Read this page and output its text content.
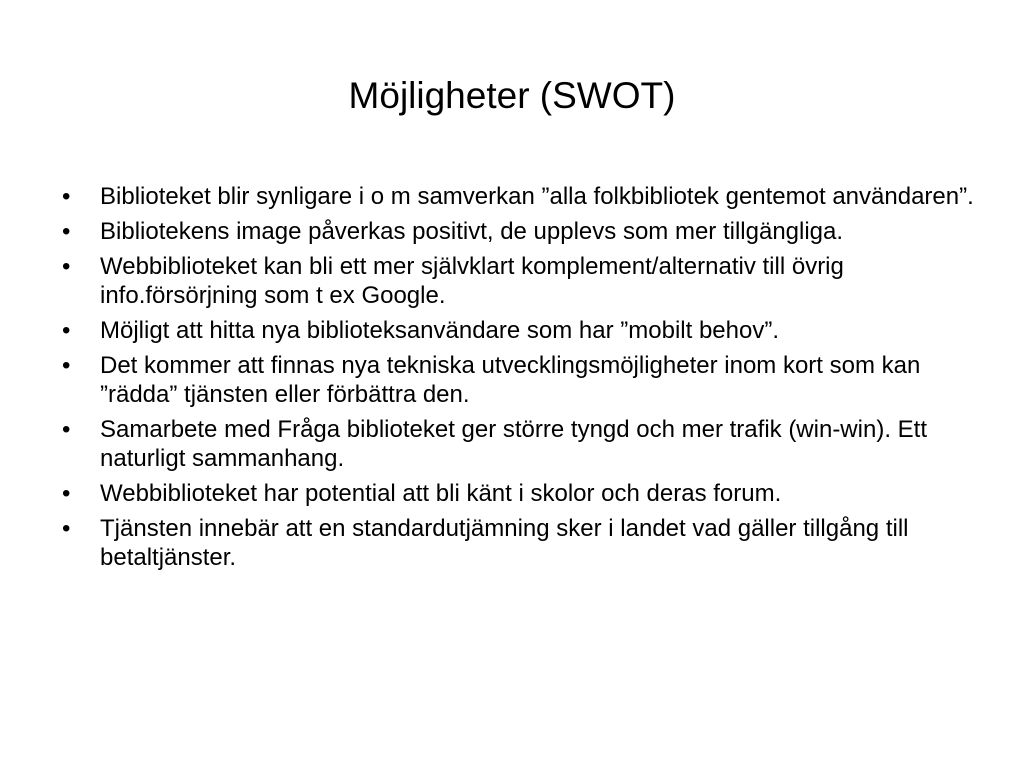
Möjligheter (SWOT)
• Biblioteket blir synligare i o m samverkan ”alla folkbibliotek gentemot användaren”.
• Bibliotekens image påverkas positivt, de upplevs som mer tillgängliga.
• Webbiblioteket kan bli ett mer självklart komplement/alternativ till övrig info.försörjning som t ex Google.
• Möjligt att hitta nya biblioteksanvändare som har ”mobilt behov”.
• Det kommer att finnas nya tekniska utvecklingsmöjligheter inom kort som kan ”rädda” tjänsten eller förbättra den.
• Samarbete med Fråga biblioteket ger större tyngd och mer trafik (win-win). Ett naturligt sammanhang.
• Webbiblioteket har potential att bli känt i skolor och deras forum.
• Tjänsten innebär att en standardutjämning sker i landet vad gäller tillgång till betaltjänster.
